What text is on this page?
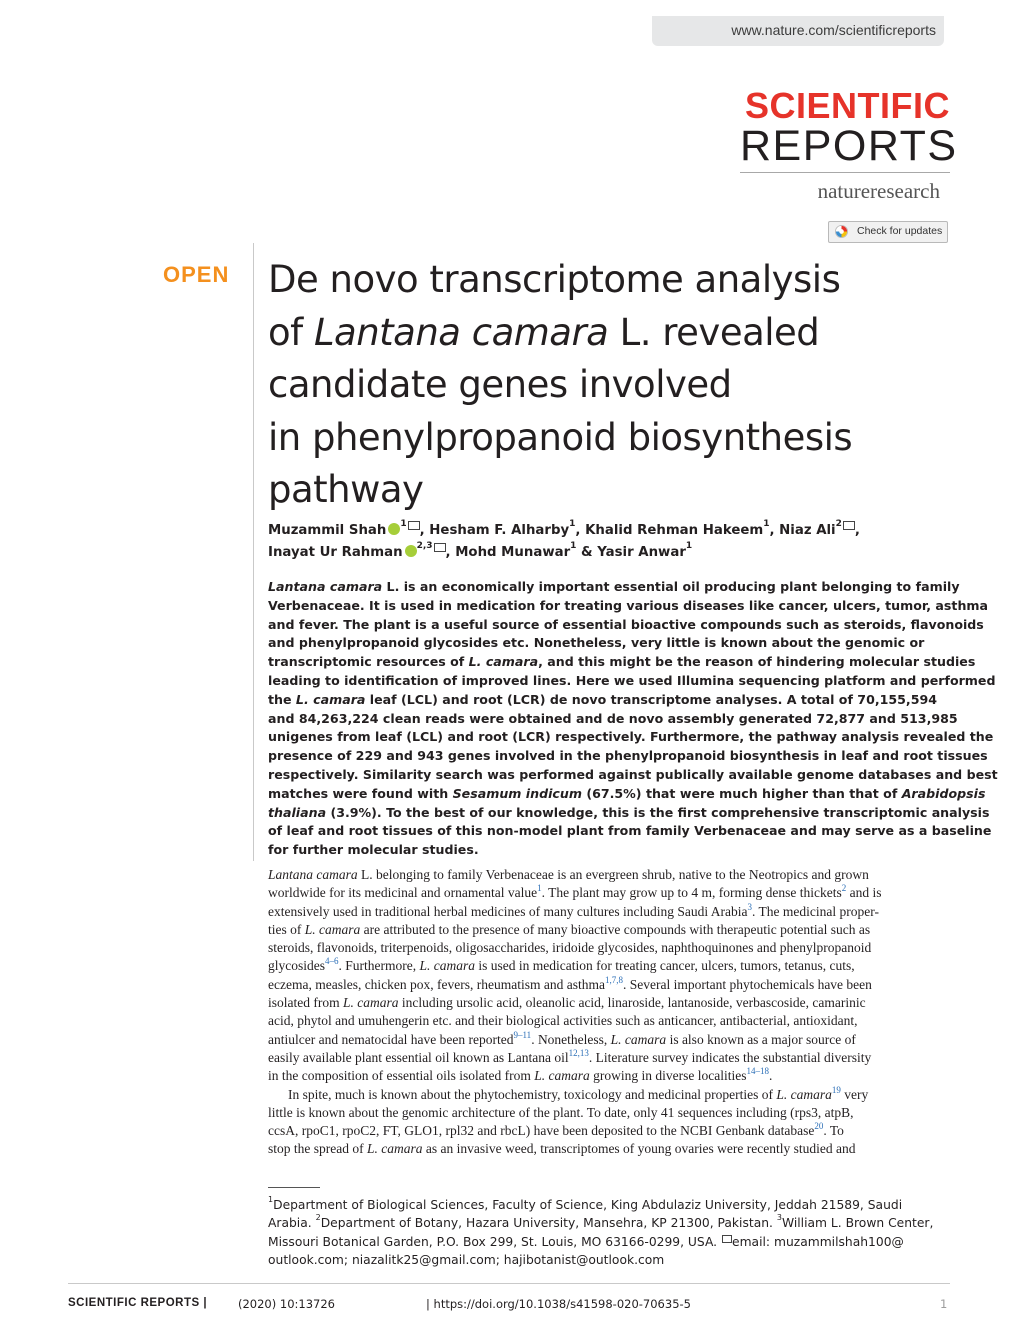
www.nature.com/scientificreports
SCIENTIFIC
REPORTS
natureresearch
Check for updates
OPEN De novo transcriptome analysis
of Lantana camara L. revealed
candidate genes involved
in phenylpropanoid biosynthesis
pathway
Muzammil Shah $^1$ , Hesham F. Alharby$^1$, Khalid Rehman Hakeem$^1$, Niaz Ali$^2$ ,
Inayat Ur Rahman $^{2,3}$ , Mohd Munawar$^1$ & Yasir Anwar$^1$
Lantana camara L. is an economically important essential oil producing plant belonging to family
Verbenaceae. It is used in medication for treating various diseases like cancer, ulcers, tumor, asthma
and fever. The plant is a useful source of essential bioactive compounds such as steroids, flavonoids
and phenylpropanoid glycosides etc. Nonetheless, very little is known about the genomic or
transcriptomic resources of L. camara, and this might be the reason of hindering molecular studies
leading to identification of improved lines. Here we used Illumina sequencing platform and performed
the L. camara leaf (LCL) and root (LCR) de novo transcriptome analyses. A total of 70,155,594
and 84,263,224 clean reads were obtained and de novo assembly generated 72,877 and 513,985
unigenes from leaf (LCL) and root (LCR) respectively. Furthermore, the pathway analysis revealed the
presence of 229 and 943 genes involved in the phenylpropanoid biosynthesis in leaf and root tissues
respectively. Similarity search was performed against publically available genome databases and best
matches were found with Sesamum indicum (67.5%) that were much higher than that of Arabidopsis
thaliana (3.9%). To the best of our knowledge, this is the first comprehensive transcriptomic analysis
of leaf and root tissues of this non-model plant from family Verbenaceae and may serve as a baseline
for further molecular studies.
Lantana camara L. belonging to family Verbenaceae is an evergreen shrub, native to the Neotropics and grown
worldwide for its medicinal and ornamental value$^1$. The plant may grow up to 4 m, forming dense thickets$^2$ and is
extensively used in traditional herbal medicines of many cultures including Saudi Arabia$^3$. The medicinal proper-
ties of L. camara are attributed to the presence of many bioactive compounds with therapeutic potential such as
steroids, flavonoids, triterpenoids, oligosaccharides, iridoide glycosides, naphthoquinones and phenylpropanoid
glycosides$^{4-6}$. Furthermore, L. camara is used in medication for treating cancer, ulcers, tumors, tetanus, cuts,
eczema, measles, chicken pox, fevers, rheumatism and asthma$^{1,7,8}$. Several important phytochemicals have been
isolated from L. camara including ursolic acid, oleanolic acid, linaroside, lantanoside, verbascoside, camarinic
acid, phytol and umuhengerin etc. and their biological activities such as anticancer, antibacterial, antioxidant,
antiulcer and nematocidal have been reported$^{9-11}$. Nonetheless, L. camara is also known as a major source of
easily available plant essential oil known as Lantana oil$^{12,13}$. Literature survey indicates the substantial diversity
in the composition of essential oils isolated from L. camara growing in diverse localities$^{14-18}$.
In spite, much is known about the phytochemistry, toxicology and medicinal properties of L. camara$^{19}$ very
little is known about the genomic architecture of the plant. To date, only 41 sequences including (rps3, atpB,
ccsA, rpoC1, rpoC2, FT, GLO1, rpl32 and rbcL) have been deposited to the NCBI Genbank database$^{20}$. To
stop the spread of L. camara as an invasive weed, transcriptomes of young ovaries were recently studied and
$^1$Department of Biological Sciences, Faculty of Science, King Abdulaziz University, Jeddah 21589, Saudi
Arabia. $^2$Department of Botany, Hazara University, Mansehra, KP 21300, Pakistan. $^3$William L. Brown Center,
Missouri Botanical Garden, P.O. Box 299, St. Louis, MO 63166-0299, USA. email: muzammilshah100@
outlook.com; niazalitk25@gmail.com; hajibotanist@outlook.com
SCIENTIFIC REPORTS |	(2020) 10:13726	| https://doi.org/10.1038/s41598-020-70635-5	1
